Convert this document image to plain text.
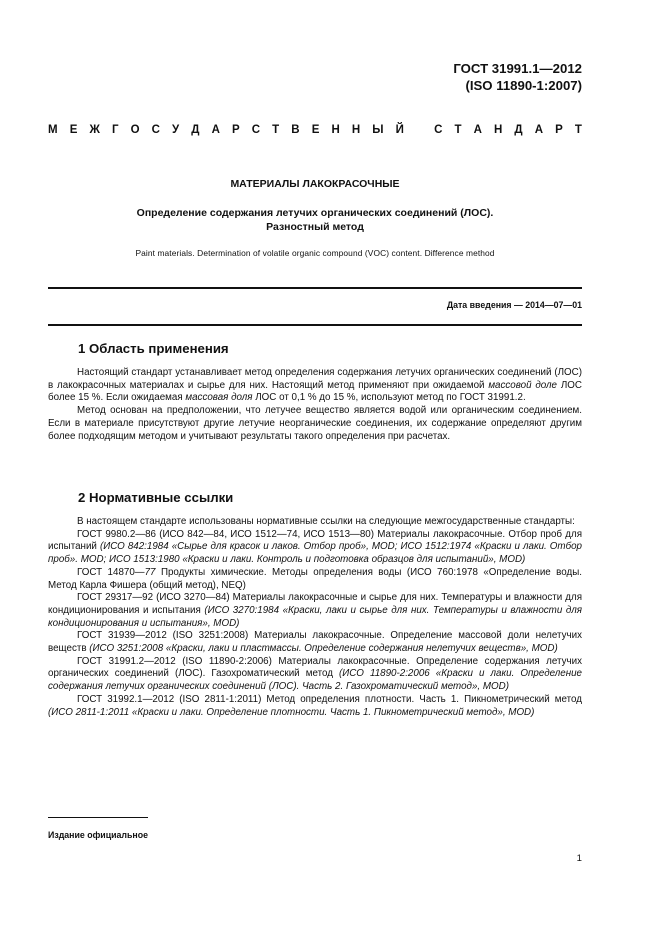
ГОСТ 31991.1—2012
(ISO 11890-1:2007)
М Е Ж Г О С У Д А Р С Т В Е Н Н Ы Й	С Т А Н Д А Р Т
МАТЕРИАЛЫ ЛАКОКРАСОЧНЫЕ
Определение содержания летучих органических соединений (ЛОС).
Разностный метод
Paint materials. Determination of volatile organic compound (VOC) content. Difference method
Дата введения — 2014—07—01
1 Область применения

Настоящий стандарт устанавливает метод определения содержания летучих органических соединений (ЛОС) в лакокрасочных материалах и сырье для них. Настоящий метод применяют при ожидаемой массовой доле ЛОС более 15 %. Если ожидаемая массовая доля ЛОС от 0,1 % до 15 %, используют метод по ГОСТ 31991.2.

Метод основан на предположении, что летучее вещество является водой или органическим соединением. Если в материале присутствуют другие летучие неорганические соединения, их содержание определяют другим более подходящим методом и учитывают результаты такого определения при расчетах.

2 Нормативные ссылки

В настоящем стандарте использованы нормативные ссылки на следующие межгосударственные стандарты:

ГОСТ 9980.2—86 (ИСО 842—84, ИСО 1512—74, ИСО 1513—80) Материалы лакокрасочные. Отбор проб для испытаний (ИСО 842:1984 «Сырье для красок и лаков. Отбор проб», MOD; ИСО 1512:1974 «Краски и лаки. Отбор проб». MOD; ИСО 1513:1980 «Краски и лаки. Контроль и подготовка образцов для испытаний», MOD)

ГОСТ 14870—77 Продукты химические. Методы определения воды (ИСО 760:1978 «Определение воды. Метод Карла Фишера (общий метод), NEQ)

ГОСТ 29317—92 (ИСО 3270—84) Материалы лакокрасочные и сырье для них. Температуры и влажности для кондиционирования и испытания (ИСО 3270:1984 «Краски, лаки и сырье для них. Температуры и влажности для кондиционирования и испытания», MOD)

ГОСТ 31939—2012 (ISO 3251:2008) Материалы лакокрасочные. Определение массовой доли нелетучих веществ (ИСО 3251:2008 «Краски, лаки и пластмассы. Определение содержания нелетучих веществ», MOD)

ГОСТ 31991.2—2012 (ISO 11890-2:2006) Материалы лакокрасочные. Определение содержания летучих органических соединений (ЛОС). Газохроматический метод (ИСО 11890-2:2006 «Краски и лаки. Определение содержания летучих органических соединений (ЛОС). Часть 2. Газохроматический метод», MOD)

ГОСТ 31992.1—2012 (ISO 2811-1:2011) Метод определения плотности. Часть 1. Пикнометрический метод (ИСО 2811-1:2011 «Краски и лаки. Определение плотности. Часть 1. Пикнометрический метод», MOD)

Издание официальное
1
